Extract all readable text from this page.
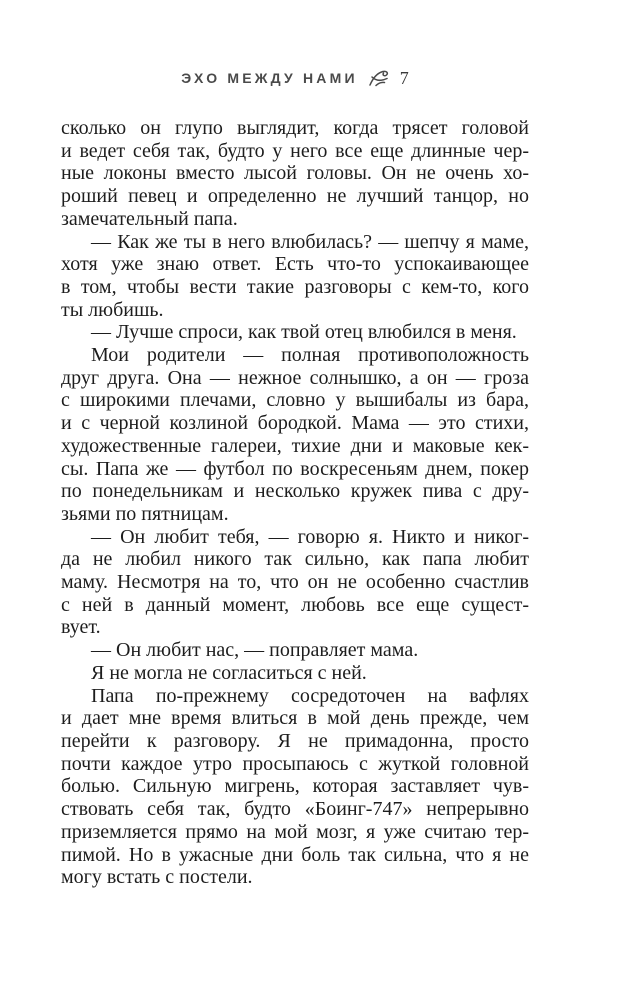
ЭХО МЕЖДУ НАМИ 7
сколько он глупо выглядит, когда трясет головой
и ведет себя так, будто у него все еще длинные чер-
ные локоны вместо лысой головы. Он не очень хо-
роший певец и определенно не лучший танцор, но
замечательный папа.
— Как же ты в него влюбилась? — шепчу я маме,
хотя уже знаю ответ. Есть что-то успокаивающее
в том, чтобы вести такие разговоры с кем-то, кого
ты любишь.
— Лучше спроси, как твой отец влюбился в меня.
Мои родители — полная противоположность
друг друга. Она — нежное солнышко, а он — гроза
с широкими плечами, словно у вышибалы из бара,
и с черной козлиной бородкой. Мама — это стихи,
художественные галереи, тихие дни и маковые кек-
сы. Папа же — футбол по воскресеньям днем, покер
по понедельникам и несколько кружек пива с дру-
зьями по пятницам.
— Он любит тебя, — говорю я. Никто и никог-
да не любил никого так сильно, как папа любит
маму. Несмотря на то, что он не особенно счастлив
с ней в данный момент, любовь все еще сущест-
вует.
— Он любит нас, — поправляет мама.
Я не могла не согласиться с ней.
Папа по-прежнему сосредоточен на вафлях
и дает мне время влиться в мой день прежде, чем
перейти к разговору. Я не примадонна, просто
почти каждое утро просыпаюсь с жуткой головной
болью. Сильную мигрень, которая заставляет чув-
ствовать себя так, будто «Боинг-747» непрерывно
приземляется прямо на мой мозг, я уже считаю тер-
пимой. Но в ужасные дни боль так сильна, что я не
могу встать с постели.
